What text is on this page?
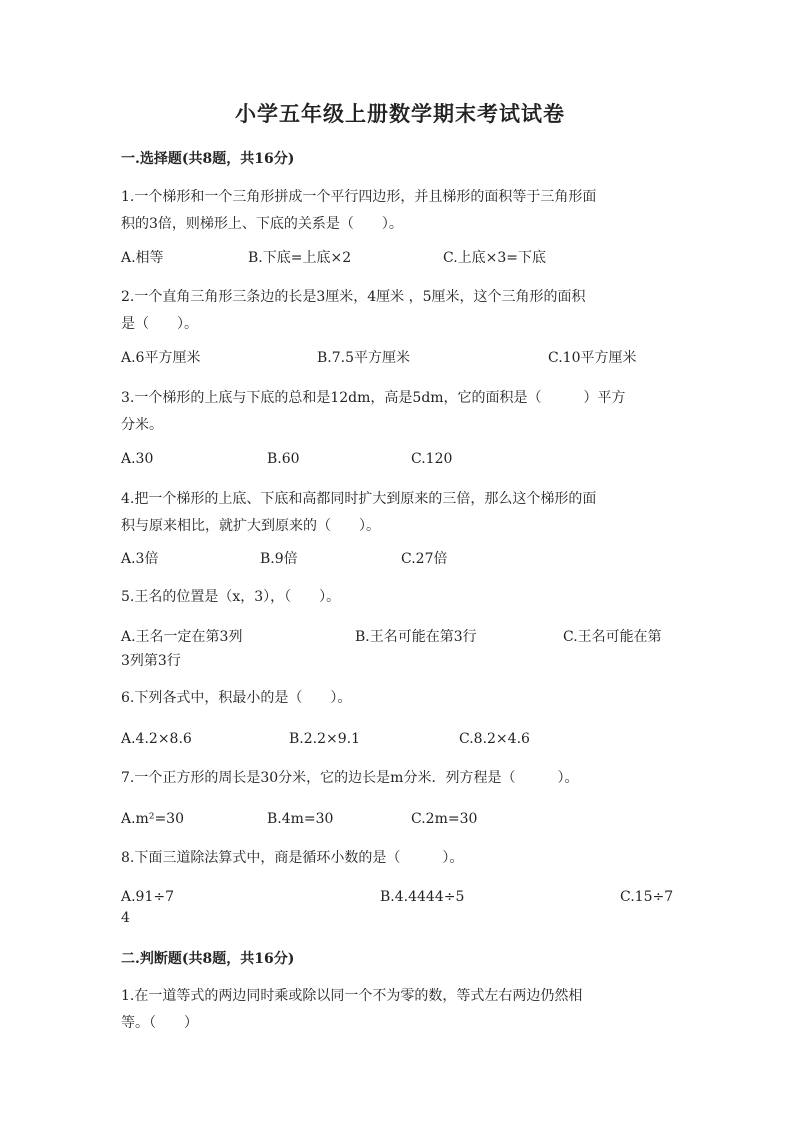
小学五年级上册数学期末考试试卷
一.选择题(共8题，共16分)
1.一个梯形和一个三角形拼成一个平行四边形，并且梯形的面积等于三角形面
积的3倍，则梯形上、下底的关系是（　　）。
A.相等	B.下底=上底×2	C.上底×3=下底
2.一个直角三角形三条边的长是3厘米，4厘米 ，5厘米，这个三角形的面积
是（　　）。
A.6平方厘米	B.7.5平方厘米	C.10平方厘米
3.一个梯形的上底与下底的总和是12dm，高是5dm，它的面积是（　　　）平方
分米。
A.30	B.60	C.120
4.把一个梯形的上底、下底和高都同时扩大到原来的三倍，那么这个梯形的面
积与原来相比，就扩大到原来的（　　）。
A.3倍	B.9倍	C.27倍
5.王名的位置是（x，3），（　　）。
A.王名一定在第3列	B.王名可能在第3行	C.王名可能在第
3列第3行
6.下列各式中，积最小的是（　　）。
A.4.2×8.6	B.2.2×9.1	C.8.2×4.6
7.一个正方形的周长是30分米，它的边长是m分米．列方程是（　　　）。
A.m²=30	B.4m=30	C.2m=30
8.下面三道除法算式中，商是循环小数的是（　　　）。
A.91÷7	B.4.4444÷5	C.15÷7
4
二.判断题(共8题，共16分)
1.在一道等式的两边同时乘或除以同一个不为零的数，等式左右两边仍然相
等。（　　）
